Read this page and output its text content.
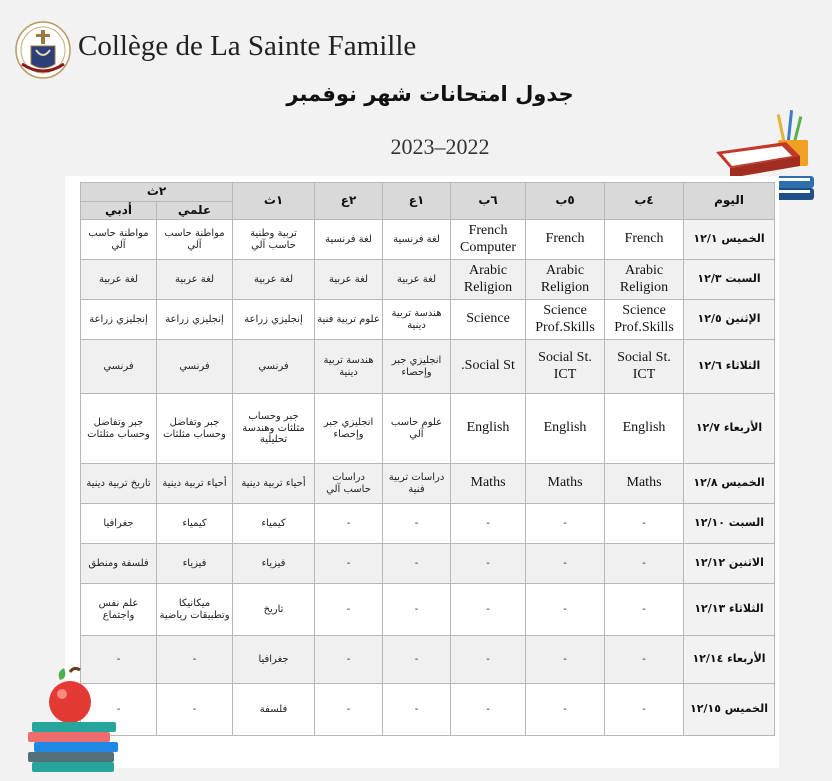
Collège de La Sainte Famille
جدول امتحانات شهر نوفمبر
2023–2022
اليوم	٤ب	٥ب	٦ب	١ع	٢ع	١ث	٢ث	
							علمي	أدبي
الخميس ١٢/١	French	French	French Computer	لغة فرنسية	لغة فرنسية	تربية وطنية حاسب آلي	مواطنة حاسب آلي	مواطنة حاسب آلي
السبت ١٢/٣	Arabic Religion	Arabic Religion	Arabic Religion	لغة عربية	لغة عربية	لغة عربية	لغة عربية	لغة عربية
الإثنين ١٢/٥	Science Prof.Skills	Science Prof.Skills	Science	هندسة تربية دينية	علوم تربية فنية	إنجليزي زراعة	إنجليزي زراعة	إنجليزي زراعة
الثلاثاء ١٢/٦	Social St. ICT	Social St. ICT	Social St.	انجليزي جبر وإحصاء	هندسة تربية دينية	فرنسي	فرنسي	فرنسي
الأربعاء ١٢/٧	English	English	English	علوم حاسب آلي	انجليزي جبر وإحصاء	جبر وحساب مثلثات وهندسة تحليلية	جبر وتفاضل وحساب مثلثات	جبر وتفاضل وحساب مثلثات
الخميس ١٢/٨	Maths	Maths	Maths	دراسات تربية فنية	دراسات حاسب آلي	أحياء تربية دينية	أحياء تربية دينية	تاريخ تربية دينية
السبت ١٢/١٠	-	-	-	-	-	كيمياء	كيمياء	جغرافيا
الاثنين ١٢/١٢	-	-	-	-	-	فيزياء	فيزياء	فلسفة ومنطق
الثلاثاء ١٢/١٣	-	-	-	-	-	تاريخ	ميكانيكا وتطبيقات رياضية	علم نفس واجتماع
الأربعاء ١٢/١٤	-	-	-	-	-	جغرافيا	-	-
الخميس ١٢/١٥	-	-	-	-	-	فلسفة	-	-
